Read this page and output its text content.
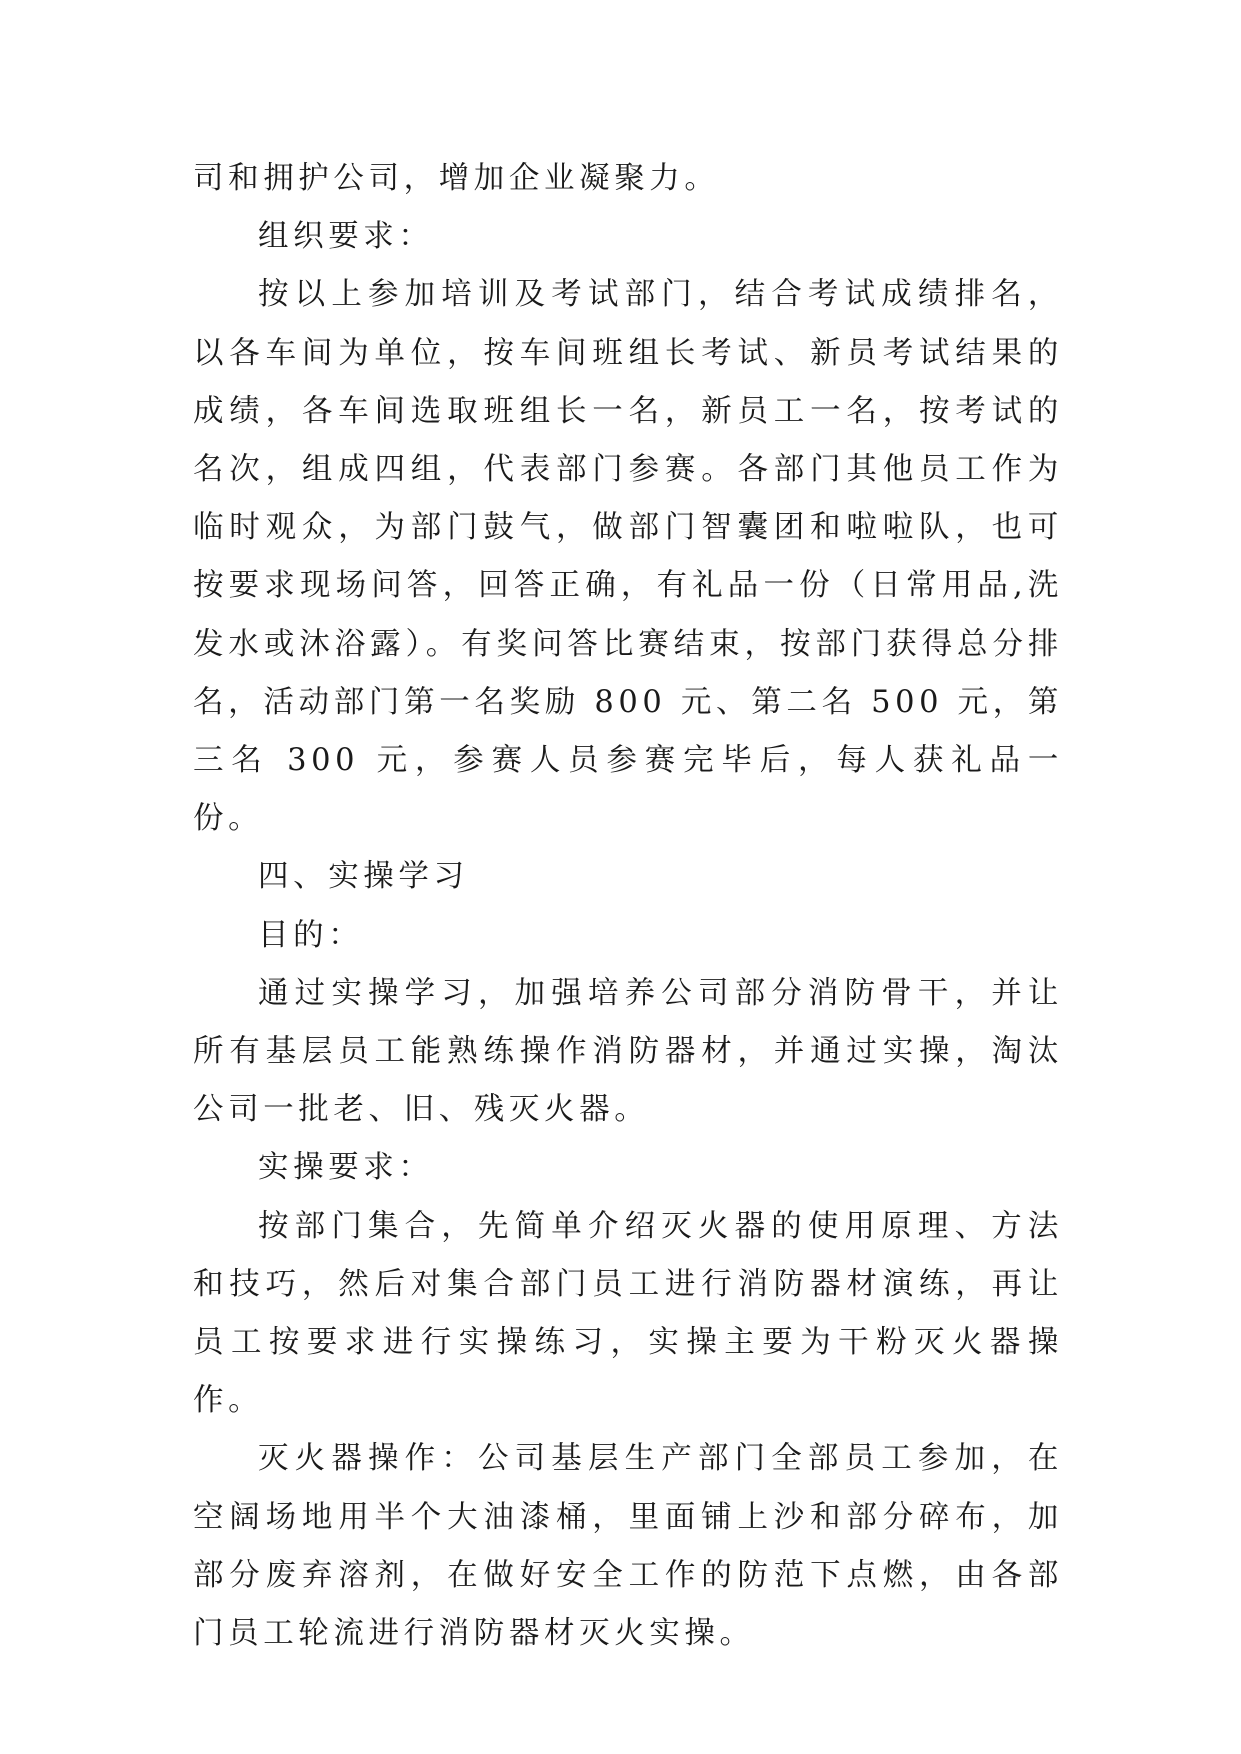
司和拥护公司，增加企业凝聚力。

组织要求：

按以上参加培训及考试部门，结合考试成绩排名，以各车间为单位，按车间班组长考试、新员考试结果的成绩，各车间选取班组长一名，新员工一名，按考试的名次，组成四组，代表部门参赛。各部门其他员工作为临时观众，为部门鼓气，做部门智囊团和啦啦队，也可按要求现场问答，回答正确，有礼品一份（日常用品,洗发水或沐浴露）。有奖问答比赛结束，按部门获得总分排名，活动部门第一名奖励 800 元、第二名 500 元，第三名 300 元，参赛人员参赛完毕后，每人获礼品一份。

四、实操学习

目的：

通过实操学习，加强培养公司部分消防骨干，并让所有基层员工能熟练操作消防器材，并通过实操，淘汰公司一批老、旧、残灭火器。

实操要求：

按部门集合，先简单介绍灭火器的使用原理、方法和技巧，然后对集合部门员工进行消防器材演练，再让员工按要求进行实操练习，实操主要为干粉灭火器操作。

灭火器操作：公司基层生产部门全部员工参加，在空阔场地用半个大油漆桶，里面铺上沙和部分碎布，加部分废弃溶剂，在做好安全工作的防范下点燃，由各部门员工轮流进行消防器材灭火实操。
